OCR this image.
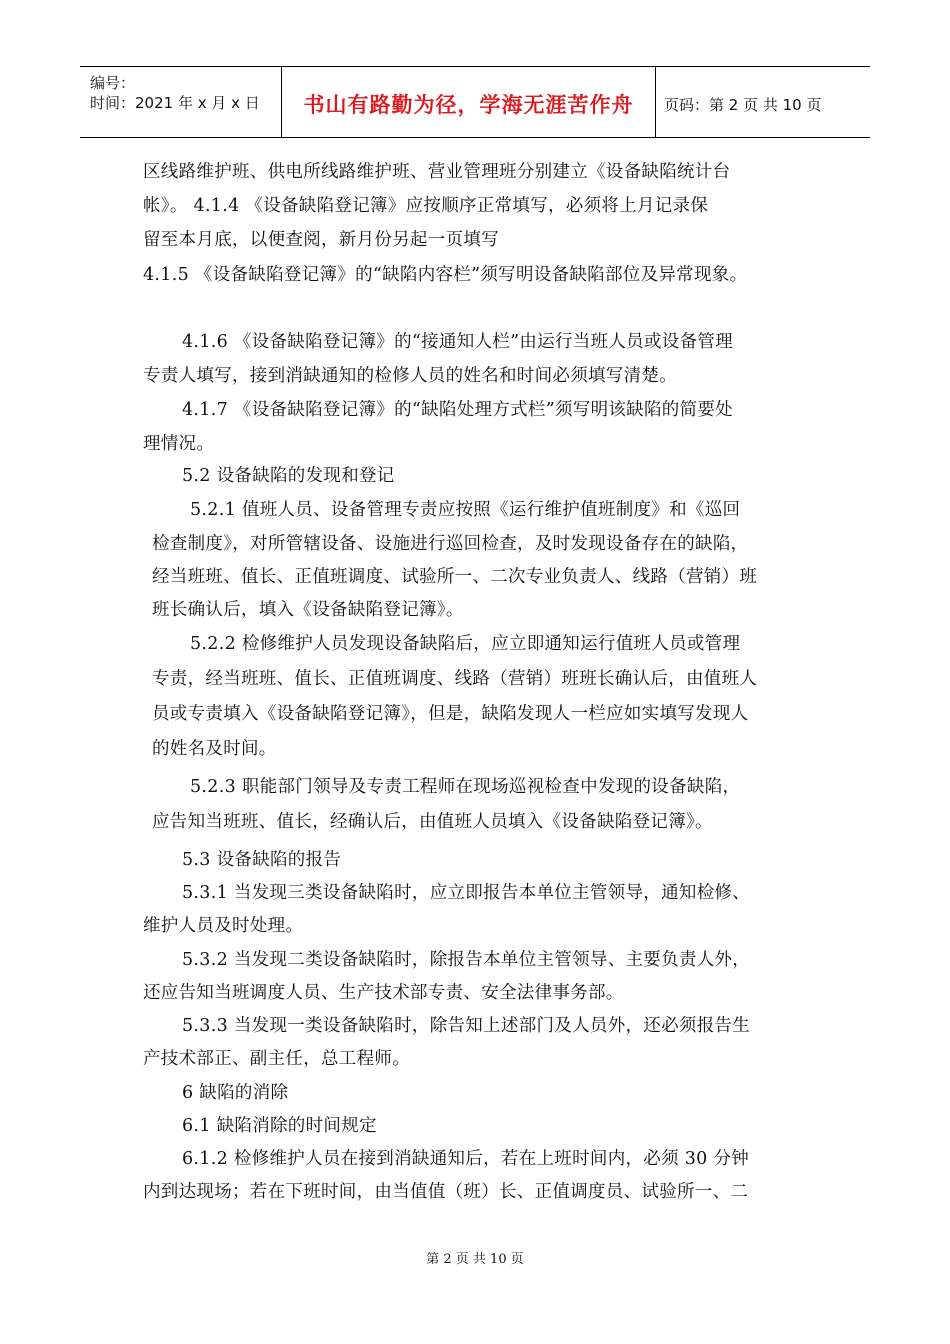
编号：
时间：2021 年 x 月 x 日	书山有路勤为径，学海无涯苦作舟	页码：第 2 页 共 10 页
区线路维护班、供电所线路维护班、营业管理班分别建立《设备缺陷统计台
帐》。 4.1.4 《设备缺陷登记簿》应按顺序正常填写，必须将上月记录保
留至本月底，以便查阅，新月份另起一页填写
4.1.5 《设备缺陷登记簿》的“缺陷内容栏”须写明设备缺陷部位及异常现象。
4.1.6 《设备缺陷登记簿》的“接通知人栏”由运行当班人员或设备管理
专责人填写，接到消缺通知的检修人员的姓名和时间必须填写清楚。
4.1.7 《设备缺陷登记簿》的“缺陷处理方式栏”须写明该缺陷的简要处
理情况。
5.2 设备缺陷的发现和登记
5.2.1 值班人员、设备管理专责应按照《运行维护值班制度》和《巡回
检查制度》，对所管辖设备、设施进行巡回检查，及时发现设备存在的缺陷，
经当班班、值长、正值班调度、试验所一、二次专业负责人、线路（营销）班
班长确认后，填入《设备缺陷登记簿》。
5.2.2 检修维护人员发现设备缺陷后，应立即通知运行值班人员或管理
专责，经当班班、值长、正值班调度、线路（营销）班班长确认后，由值班人
员或专责填入《设备缺陷登记簿》，但是，缺陷发现人一栏应如实填写发现人
的姓名及时间。
5.2.3 职能部门领导及专责工程师在现场巡视检查中发现的设备缺陷，
应告知当班班、值长，经确认后，由值班人员填入《设备缺陷登记簿》。
5.3 设备缺陷的报告
5.3.1 当发现三类设备缺陷时，应立即报告本单位主管领导，通知检修、
维护人员及时处理。
5.3.2 当发现二类设备缺陷时，除报告本单位主管领导、主要负责人外，
还应告知当班调度人员、生产技术部专责、安全法律事务部。
5.3.3 当发现一类设备缺陷时，除告知上述部门及人员外，还必须报告生
产技术部正、副主任，总工程师。
6 缺陷的消除
6.1 缺陷消除的时间规定
6.1.2 检修维护人员在接到消缺通知后，若在上班时间内，必须 30 分钟
内到达现场；若在下班时间，由当值值（班）长、正值调度员、试验所一、二
第 2 页 共 10 页
